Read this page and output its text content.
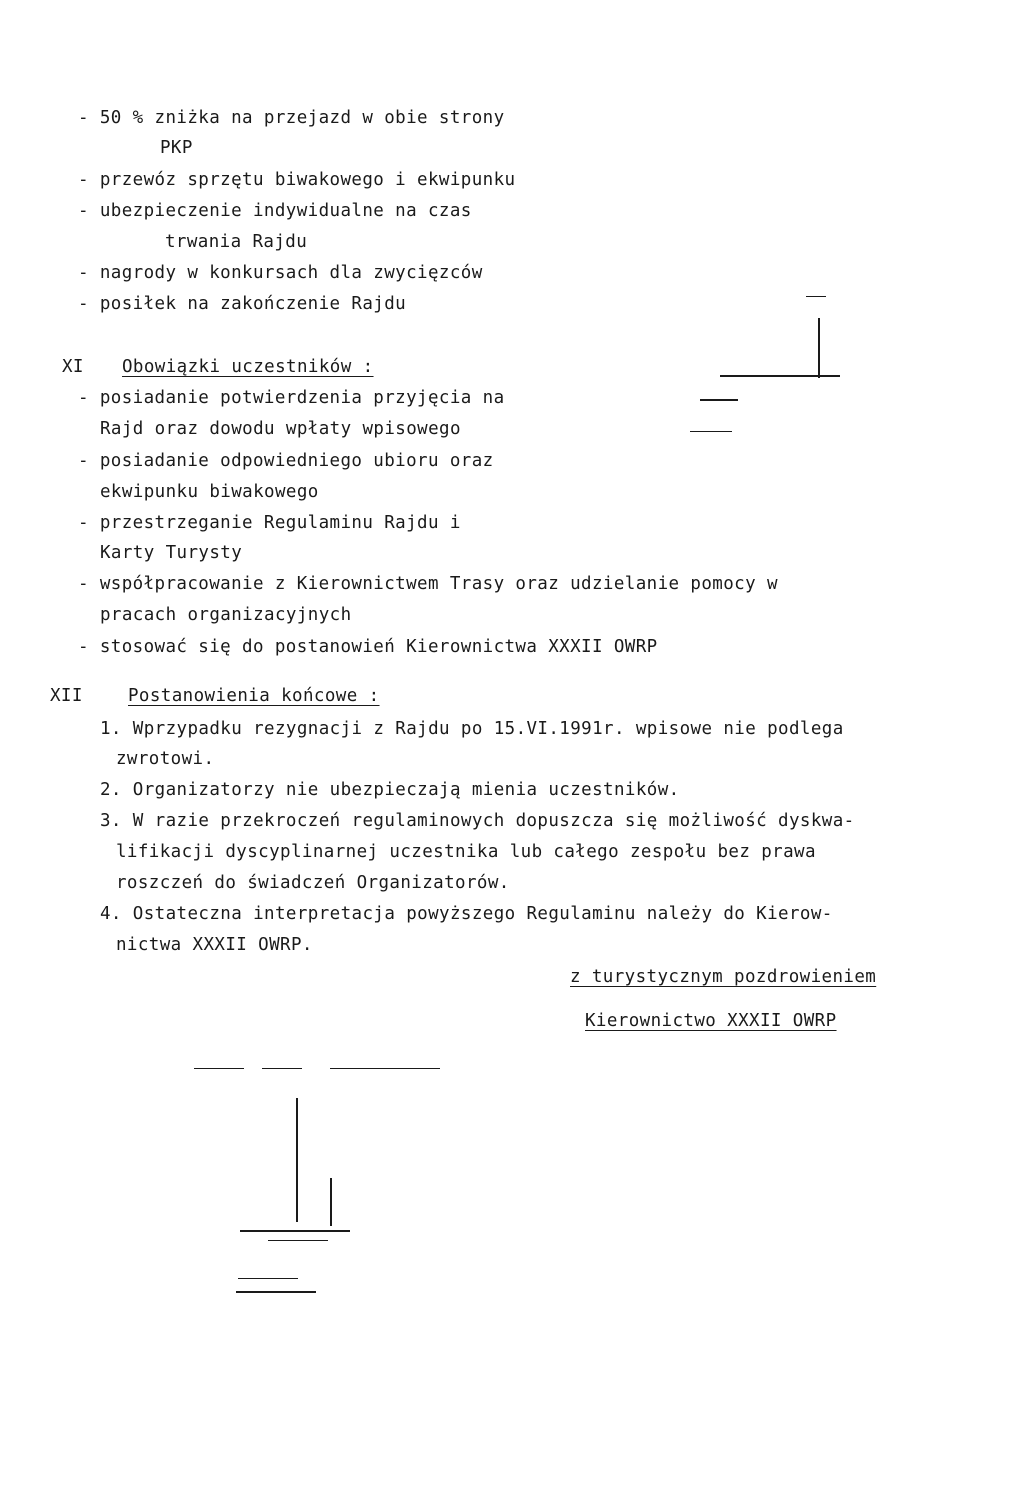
- 50 % zniżka na przejazd w obie strony
PKP
- przewóz sprzętu biwakowego i ekwipunku
- ubezpieczenie indywidualne na czas
trwania Rajdu
- nagrody w konkursach dla zwycięzców
- posiłek na zakończenie Rajdu
XI Obowiązki uczestników :
- posiadanie potwierdzenia przyjęcia na
Rajd oraz dowodu wpłaty wpisowego
- posiadanie odpowiedniego ubioru oraz
ekwipunku biwakowego
- przestrzeganie Regulaminu Rajdu i
Karty Turysty
- współpracowanie z Kierownictwem Trasy oraz udzielanie pomocy w
pracach organizacyjnych
- stosować się do postanowień Kierownictwa XXXII OWRP
XII	Postanowienia końcowe :
1. Wprzypadku rezygnacji z Rajdu po 15.VI.1991r. wpisowe nie podlega
zwrotowi.
2. Organizatorzy nie ubezpieczają mienia uczestników.
3. W razie przekroczeń regulaminowych dopuszcza się możliwość dyskwa-
lifikacji dyscyplinarnej uczestnika lub całego zespołu bez prawa
roszczeń do świadczeń Organizatorów.
4. Ostateczna interpretacja powyższego Regulaminu należy do Kierow-
nictwa XXXII OWRP.
z turystycznym pozdrowieniem
Kierownictwo XXXII OWRP
